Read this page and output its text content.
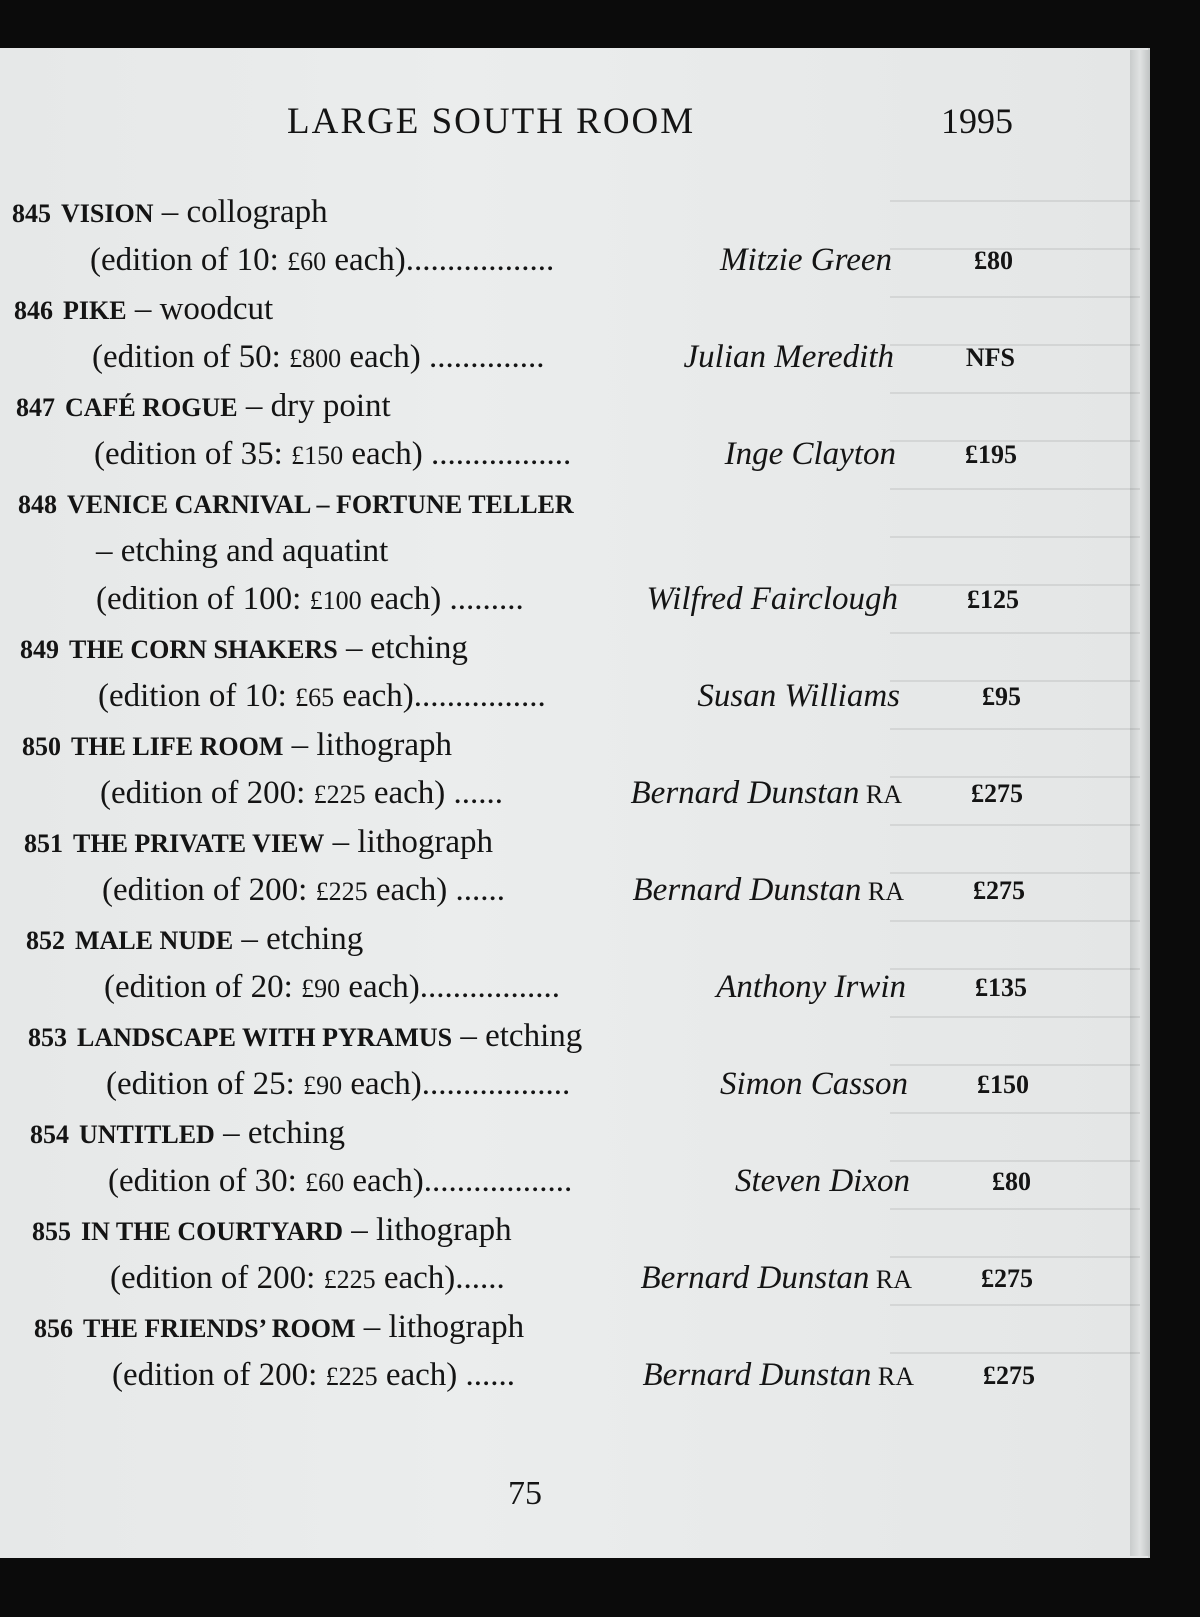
LARGE SOUTH ROOM	1995
845 VISION – collograph
(edition of 10: £60 each)..................	Mitzie Green	£80
846 PIKE – woodcut
(edition of 50: £800 each) ..............	Julian Meredith	NFS
847 CAFÉ ROGUE – dry point
(edition of 35: £150 each) .................	Inge Clayton	£195
848 VENICE CARNIVAL – FORTUNE TELLER
– etching and aquatint
(edition of 100: £100 each) .........	Wilfred Fairclough	£125
849 THE CORN SHAKERS – etching
(edition of 10: £65 each)................	Susan Williams	£95
850 THE LIFE ROOM – lithograph
(edition of 200: £225 each) ......	Bernard Dunstan RA	£275
851 THE PRIVATE VIEW – lithograph
(edition of 200: £225 each) ......	Bernard Dunstan RA	£275
852 MALE NUDE – etching
(edition of 20: £90 each).................	Anthony Irwin	£135
853 LANDSCAPE WITH PYRAMUS – etching
(edition of 25: £90 each)..................	Simon Casson	£150
854 UNTITLED – etching
(edition of 30: £60 each)..................	Steven Dixon	£80
855 IN THE COURTYARD – lithograph
(edition of 200: £225 each)......	Bernard Dunstan RA	£275
856 THE FRIENDS’ ROOM – lithograph
(edition of 200: £225 each) ......	Bernard Dunstan RA	£275
75
